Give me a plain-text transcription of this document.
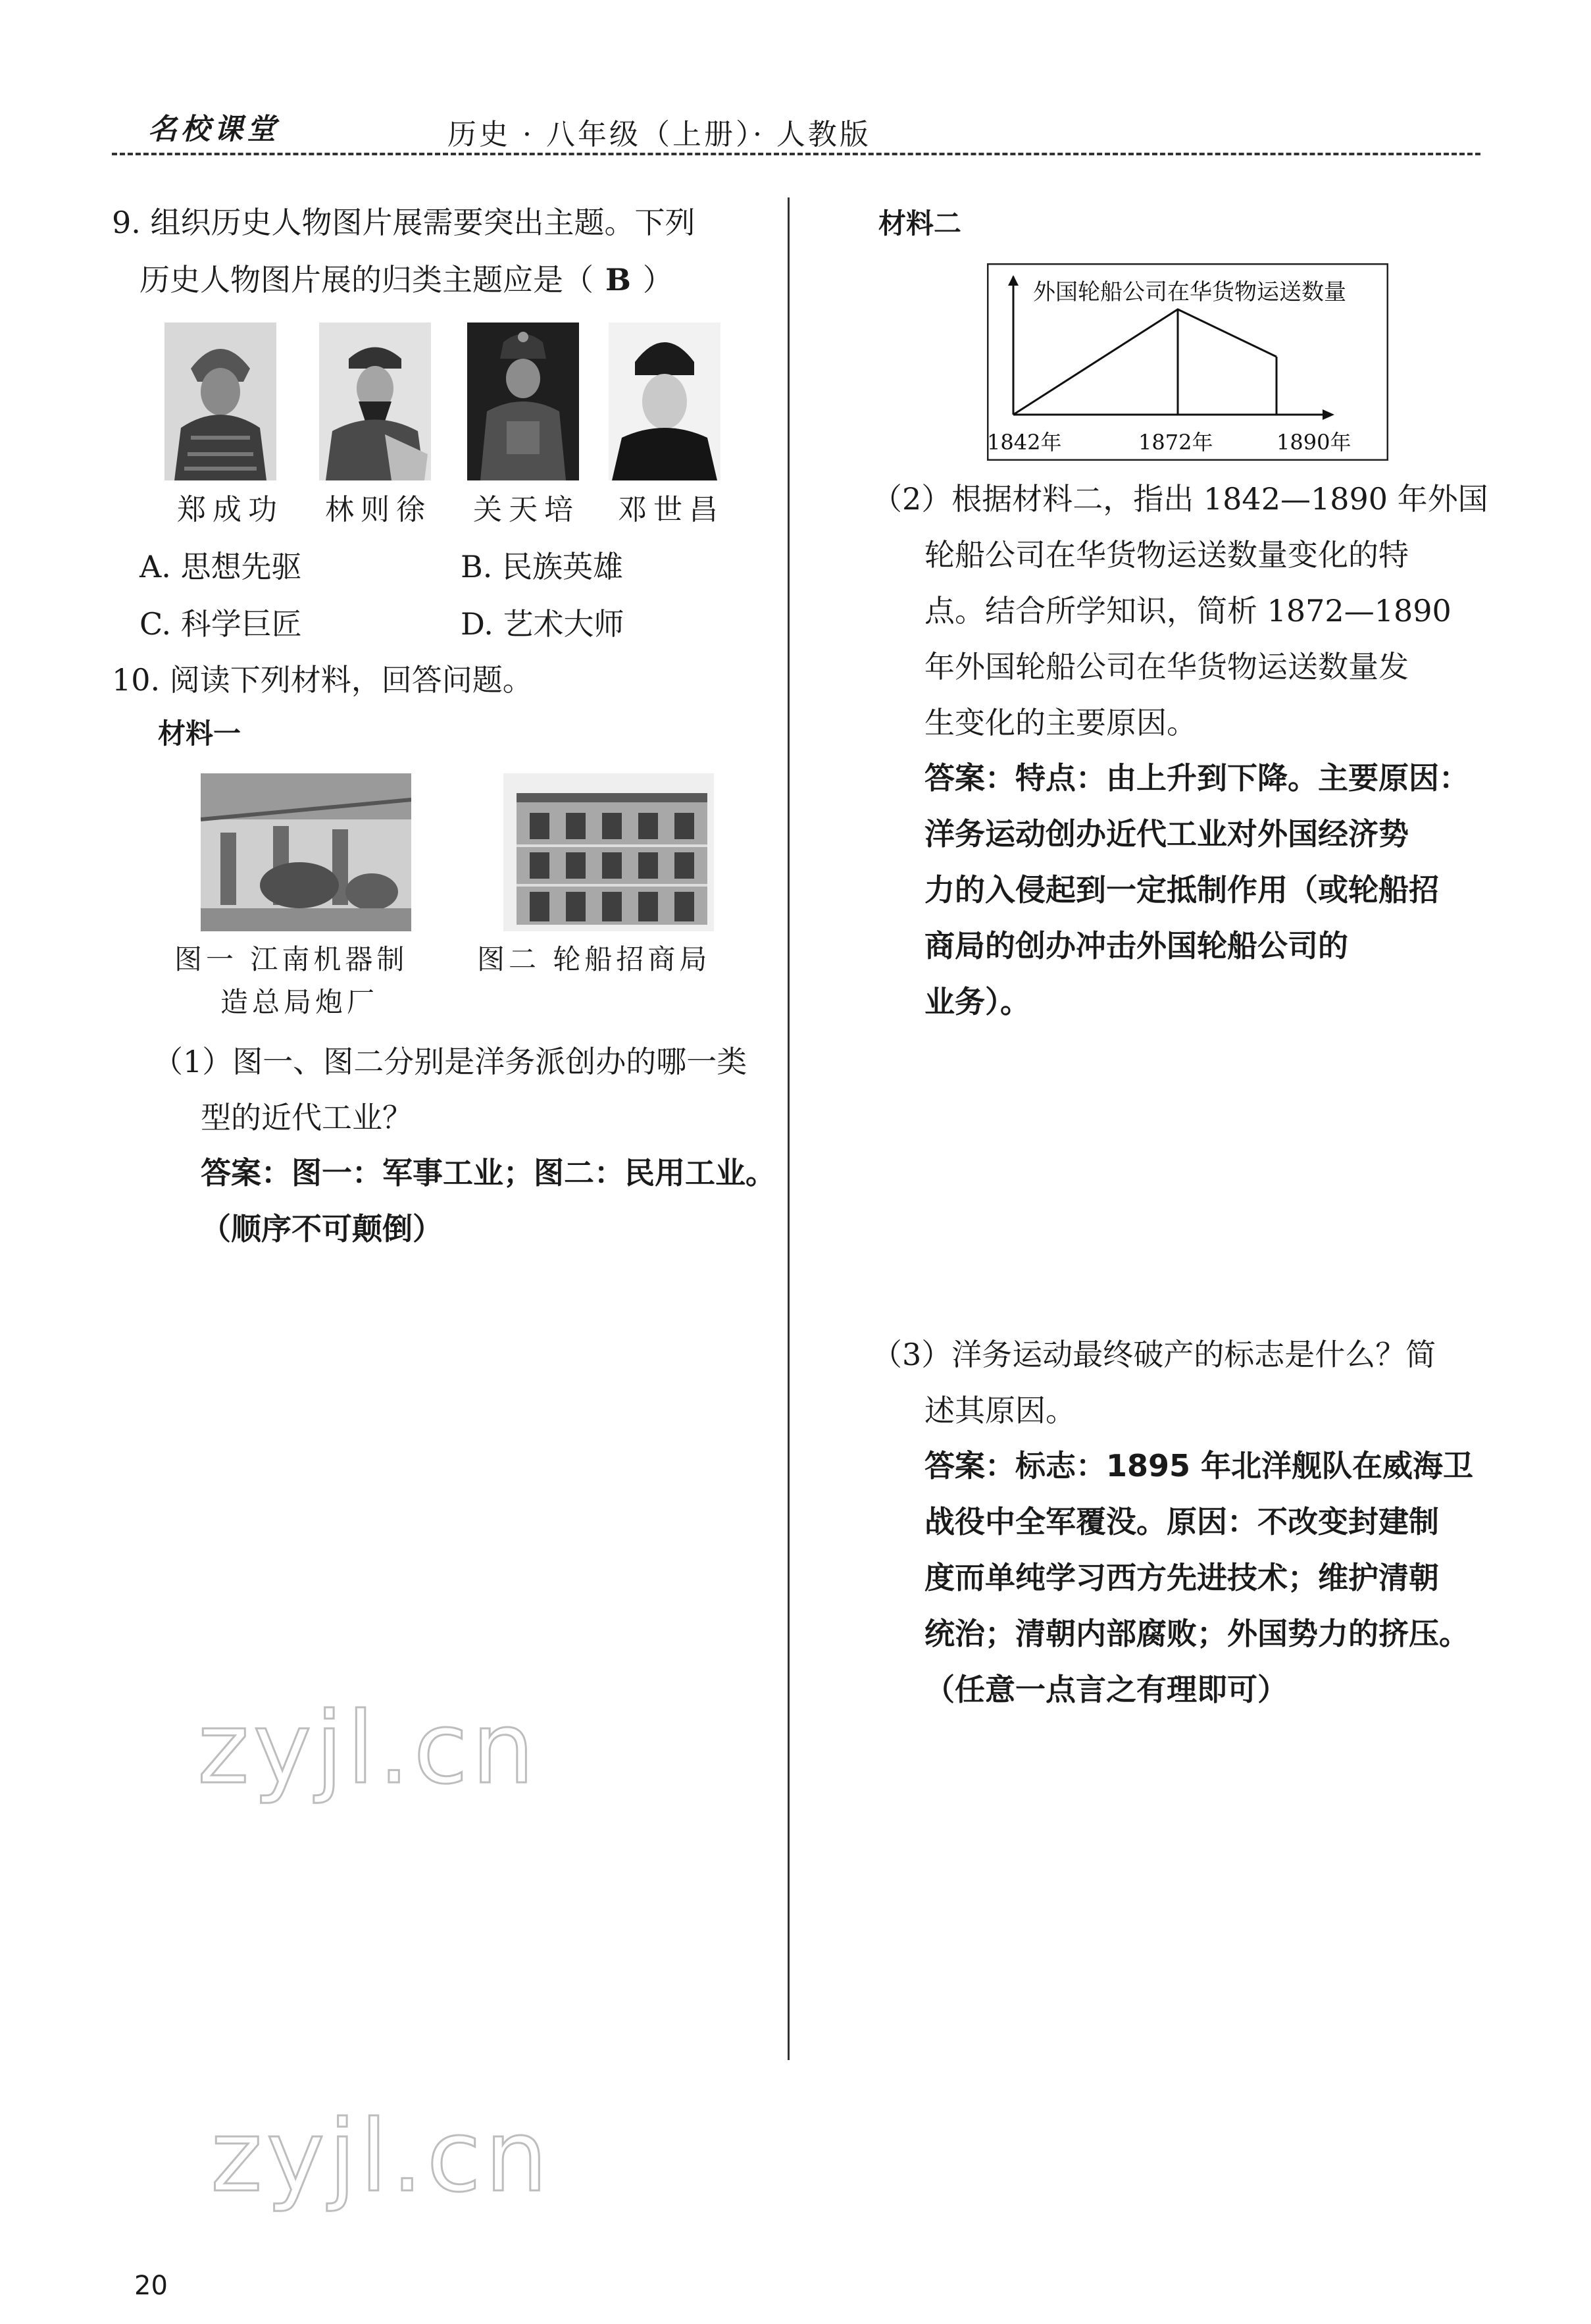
名校课堂	历史 · 八年级（上册）· 人教版
9. 组织历史人物图片展需要突出主题。下列
历史人物图片展的归类主题应是（ B ）
郑成功	林则徐	关天培	邓世昌
A. 思想先驱	B. 民族英雄
C. 科学巨匠	D. 艺术大师
10. 阅读下列材料，回答问题。
材料一
图一 江南机器制
造总局炮厂
图二 轮船招商局
（1）图一、图二分别是洋务派创办的哪一类
型的近代工业？
答案：图一：军事工业；图二：民用工业。
（顺序不可颠倒）
材料二
外国轮船公司在华货物运送数量
1842年	1872年	1890年
（2）根据材料二，指出 1842—1890 年外国
轮船公司在华货物运送数量变化的特
点。结合所学知识，简析 1872—1890
年外国轮船公司在华货物运送数量发
生变化的主要原因。
答案：特点：由上升到下降。主要原因：
洋务运动创办近代工业对外国经济势
力的入侵起到一定抵制作用（或轮船招
商局的创办冲击外国轮船公司的
业务）。
（3）洋务运动最终破产的标志是什么？简
述其原因。
答案：标志：1895 年北洋舰队在威海卫
战役中全军覆没。原因：不改变封建制
度而单纯学习西方先进技术；维护清朝
统治；清朝内部腐败；外国势力的挤压。
（任意一点言之有理即可）
zyjl.cn
zyjl.cn
20
